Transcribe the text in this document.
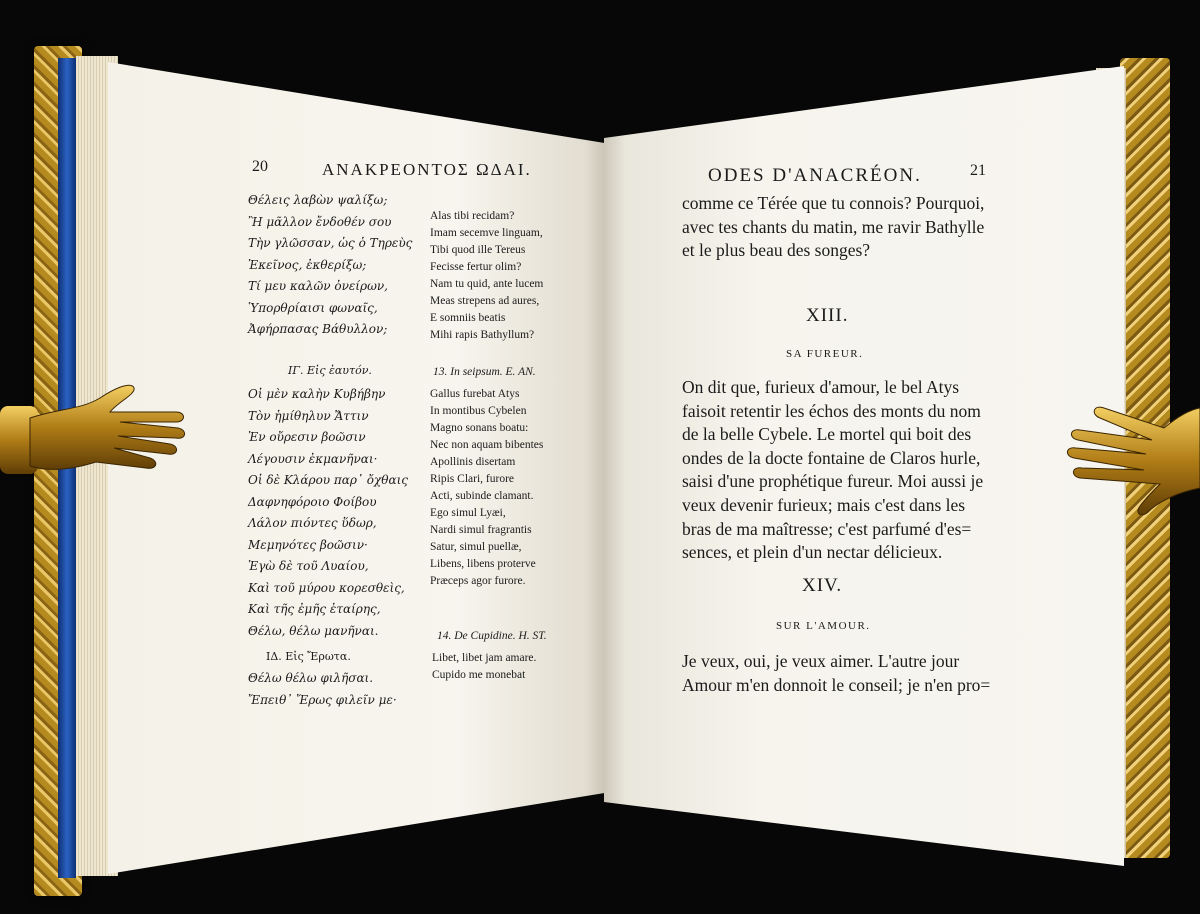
20	ΑΝΑΚΡΕΟΝΤΟΣ ΩΔΑΙ.
Θέλεις λαβὼν ψαλίξω;
Ἢ μᾶλλον ἔνδοθέν σου
Τὴν γλῶσσαν, ὡς ὁ Τηρεὺς
Ἐκεῖνος, ἐκθερίξω;
Τί μευ καλῶν ὀνείρων,
Ὑπορθρίαισι φωναῖς,
Ἀφήρπασας Βάθυλλον;
Alas tibi recidam?
Imam secemve linguam,
Tibi quod ille Tereus
Fecisse fertur olim?
Nam tu quid, ante lucem
Meas strepens ad aures,
E somniis beatis
Mihi rapis Bathyllum?
ΙΓ. Εἰς ἑαυτόν.	13. In seipsum. E. AN.
Οἱ μὲν καλὴν Κυβήβην
Τὸν ἡμίθηλυν Ἄττιν
Ἐν οὔρεσιν βοῶσιν
Λέγουσιν ἐκμανῆναι·
Οἱ δὲ Κλάρου παρ᾽ ὄχθαις
Δαφνηφόροιο Φοίβου
Λάλον πιόντες ὕδωρ,
Μεμηνότες βοῶσιν·
Ἐγὼ δὲ τοῦ Λυαίου,
Καὶ τοῦ μύρου κορεσθεὶς,
Καὶ τῆς ἐμῆς ἑταίρης,
Θέλω, θέλω μανῆναι.
Gallus furebat Atys
In montibus Cybelen
Magno sonans boatu:
Nec non aquam bibentes
Apollinis disertam
Ripis Clari, furore
Acti, subinde clamant.
Ego simul Lyæi,
Nardi simul fragrantis
Satur, simul puellæ,
Libens, libens proterve
Præceps agor furore.
ΙΔ. Εἰς Ἔρωτα.
14. De Cupidine. H. ST.
Θέλω θέλω φιλῆσαι.
Ἔπειθ᾽ Ἔρως φιλεῖν με·
Libet, libet jam amare.
Cupido me monebat
ODES D'ANACRÉON.	21
comme ce Térée que tu connois? Pourquoi,
avec tes chants du matin, me ravir Bathylle
et le plus beau des songes?
XIII.
SA FUREUR.
On dit que, furieux d'amour, le bel Atys
faisoit retentir les échos des monts du nom
de la belle Cybele. Le mortel qui boit des
ondes de la docte fontaine de Claros hurle,
saisi d'une prophétique fureur. Moi aussi je
veux devenir furieux; mais c'est dans les
bras de ma maîtresse; c'est parfumé d'es=
sences, et plein d'un nectar délicieux.
XIV.
SUR L'AMOUR.
Je veux, oui, je veux aimer. L'autre jour
Amour m'en donnoit le conseil; je n'en pro=
